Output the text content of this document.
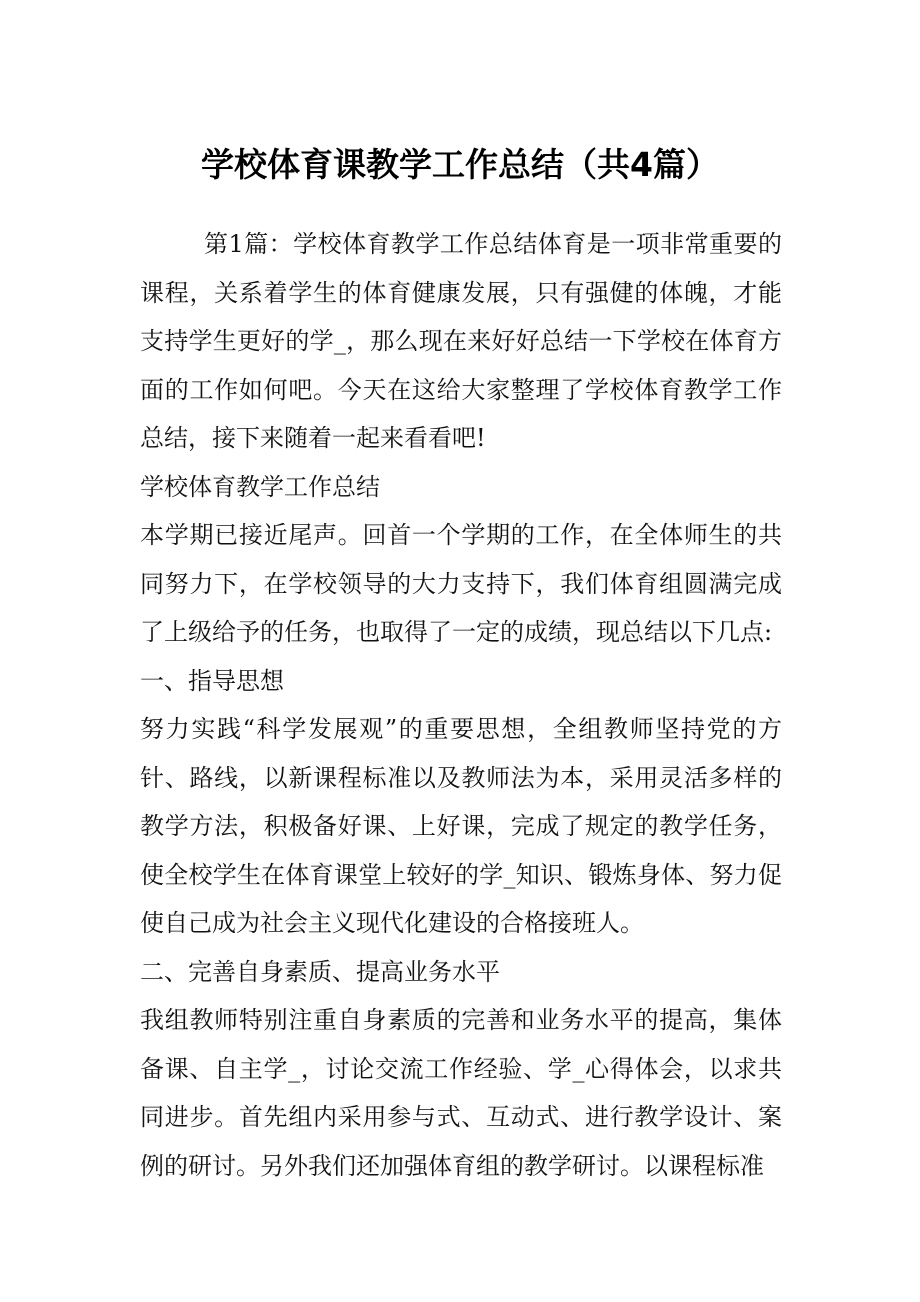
学校体育课教学工作总结（共4篇）

第1篇：学校体育教学工作总结体育是一项非常重要的课程，关系着学生的体育健康发展，只有强健的体魄，才能支持学生更好的学_，那么现在来好好总结一下学校在体育方面的工作如何吧。今天在这给大家整理了学校体育教学工作总结，接下来随着一起来看看吧!

学校体育教学工作总结

本学期已接近尾声。回首一个学期的工作，在全体师生的共同努力下，在学校领导的大力支持下，我们体育组圆满完成了上级给予的任务，也取得了一定的成绩，现总结以下几点:

一、指导思想

努力实践“科学发展观”的重要思想，全组教师坚持党的方针、路线，以新课程标准以及教师法为本，采用灵活多样的教学方法，积极备好课、上好课，完成了规定的教学任务，使全校学生在体育课堂上较好的学_知识、锻炼身体、努力促使自己成为社会主义现代化建设的合格接班人。

二、完善自身素质、提高业务水平

我组教师特别注重自身素质的完善和业务水平的提高，集体备课、自主学_，讨论交流工作经验、学_心得体会，以求共同进步。首先组内采用参与式、互动式、进行教学设计、案例的研讨。另外我们还加强体育组的教学研讨。以课程标准
